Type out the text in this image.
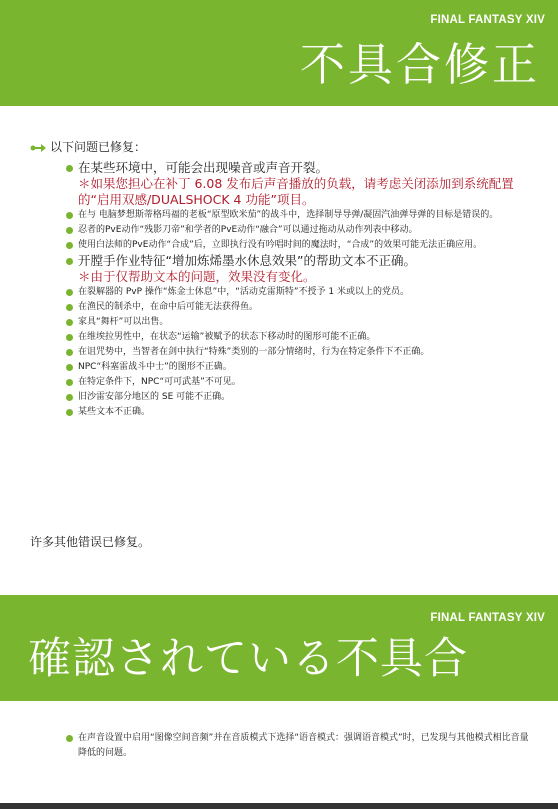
FINAL FANTASY XIV
不具合修正
以下问题已修复：
在某些环境中，可能会出现噪音或声音开裂。
＊如果您担心在补丁 6.08 发布后声音播放的负载，请考虑关闭添加到系统配置的“启用双感/DUALSHOCK 4 功能”项目。
在与 电脑梦想斯蒂格玛福的老板“原型欧米茄”的战斗中，选择制导导弹/凝固汽油弹导弹的目标是错误的。
忍者的PvE动作“残影刀帝”和学者的PvE动作“融合”可以通过拖动从动作列表中移动。
使用白法师的PvE动作“合成”后，立即执行没有吟唱时间的魔法时，“合成”的效果可能无法正确应用。
开膛手作业特征“增加炼烯墨水休息效果”的帮助文本不正确。
＊由于仅帮助文本的问题，效果没有变化。
在裂解器的 PvP 操作“炼金士休息”中，“活动克雷斯特”不授予 1 米或以上的党员。
在渔民的制杀中，在命中后可能无法获得鱼。
家具“舞杆”可以出售。
在维埃拉男性中，在状态“运输”被赋予的状态下移动时的图形可能不正确。
在诅咒势中，当智者在剑中执行“特殊”类别的一部分情绪时，行为在特定条件下不正确。
NPC“科塞雷战斗中士”的图形不正确。
在特定条件下，NPC“可可武基”不可见。
旧沙雷安部分地区的 SE 可能不正确。
某些文本不正确。
许多其他错误已修复。
FINAL FANTASY XIV
確認されている不具合
在声音设置中启用“图像空间音频”并在音质模式下选择“语音模式：强调语音模式”时，已发现与其他模式相比音量降低的问题。
